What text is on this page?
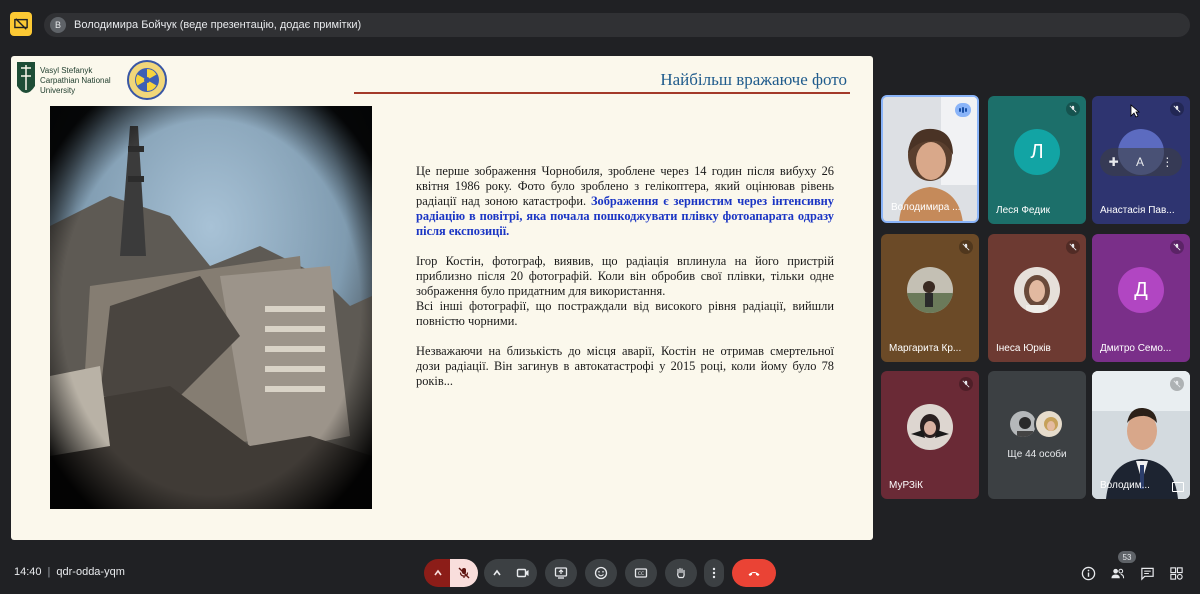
В	Володимира Бойчук (веде презентацію, додає примітки)
Vasyl Stefanyk
Carpathian National
University
Найбільш вражаюче фото

Це перше зображення Чорнобиля, зроблене через 14 годин після вибуху 26 квітня 1986 року. Фото було зроблено з гелікоптера, який оцінював рівень радіації над зоною катастрофи. Зображення є зернистим через інтенсивну радіацію в повітрі, яка почала пошкоджувати плівку фотоапарата одразу після експозиції.

Ігор Костін, фотограф, виявив, що радіація вплинула на його пристрій приблизно після 20 фотографій. Коли він обробив свої плівки, тільки одне зображення було придатним для використання.
Всі інші фотографії, що постраждали від високого рівня радіації, вийшли повністю чорними.

Незважаючи на близькість до місця аварії, Костін не отримав смертельної дози радіації. Він загинув в автокатастрофі у 2015 році, коли йому було 78 років...

Володимира ...
Л
Леся Федик
✚ A ⋮
Анастасія Пав...
Маргарита Кр...	Інеса Юрків
Д
Дмитро Семо...
МуРЗіК
Ще 44 особи
Володим...
14:40 | qdr-odda-yqm	CC
53
